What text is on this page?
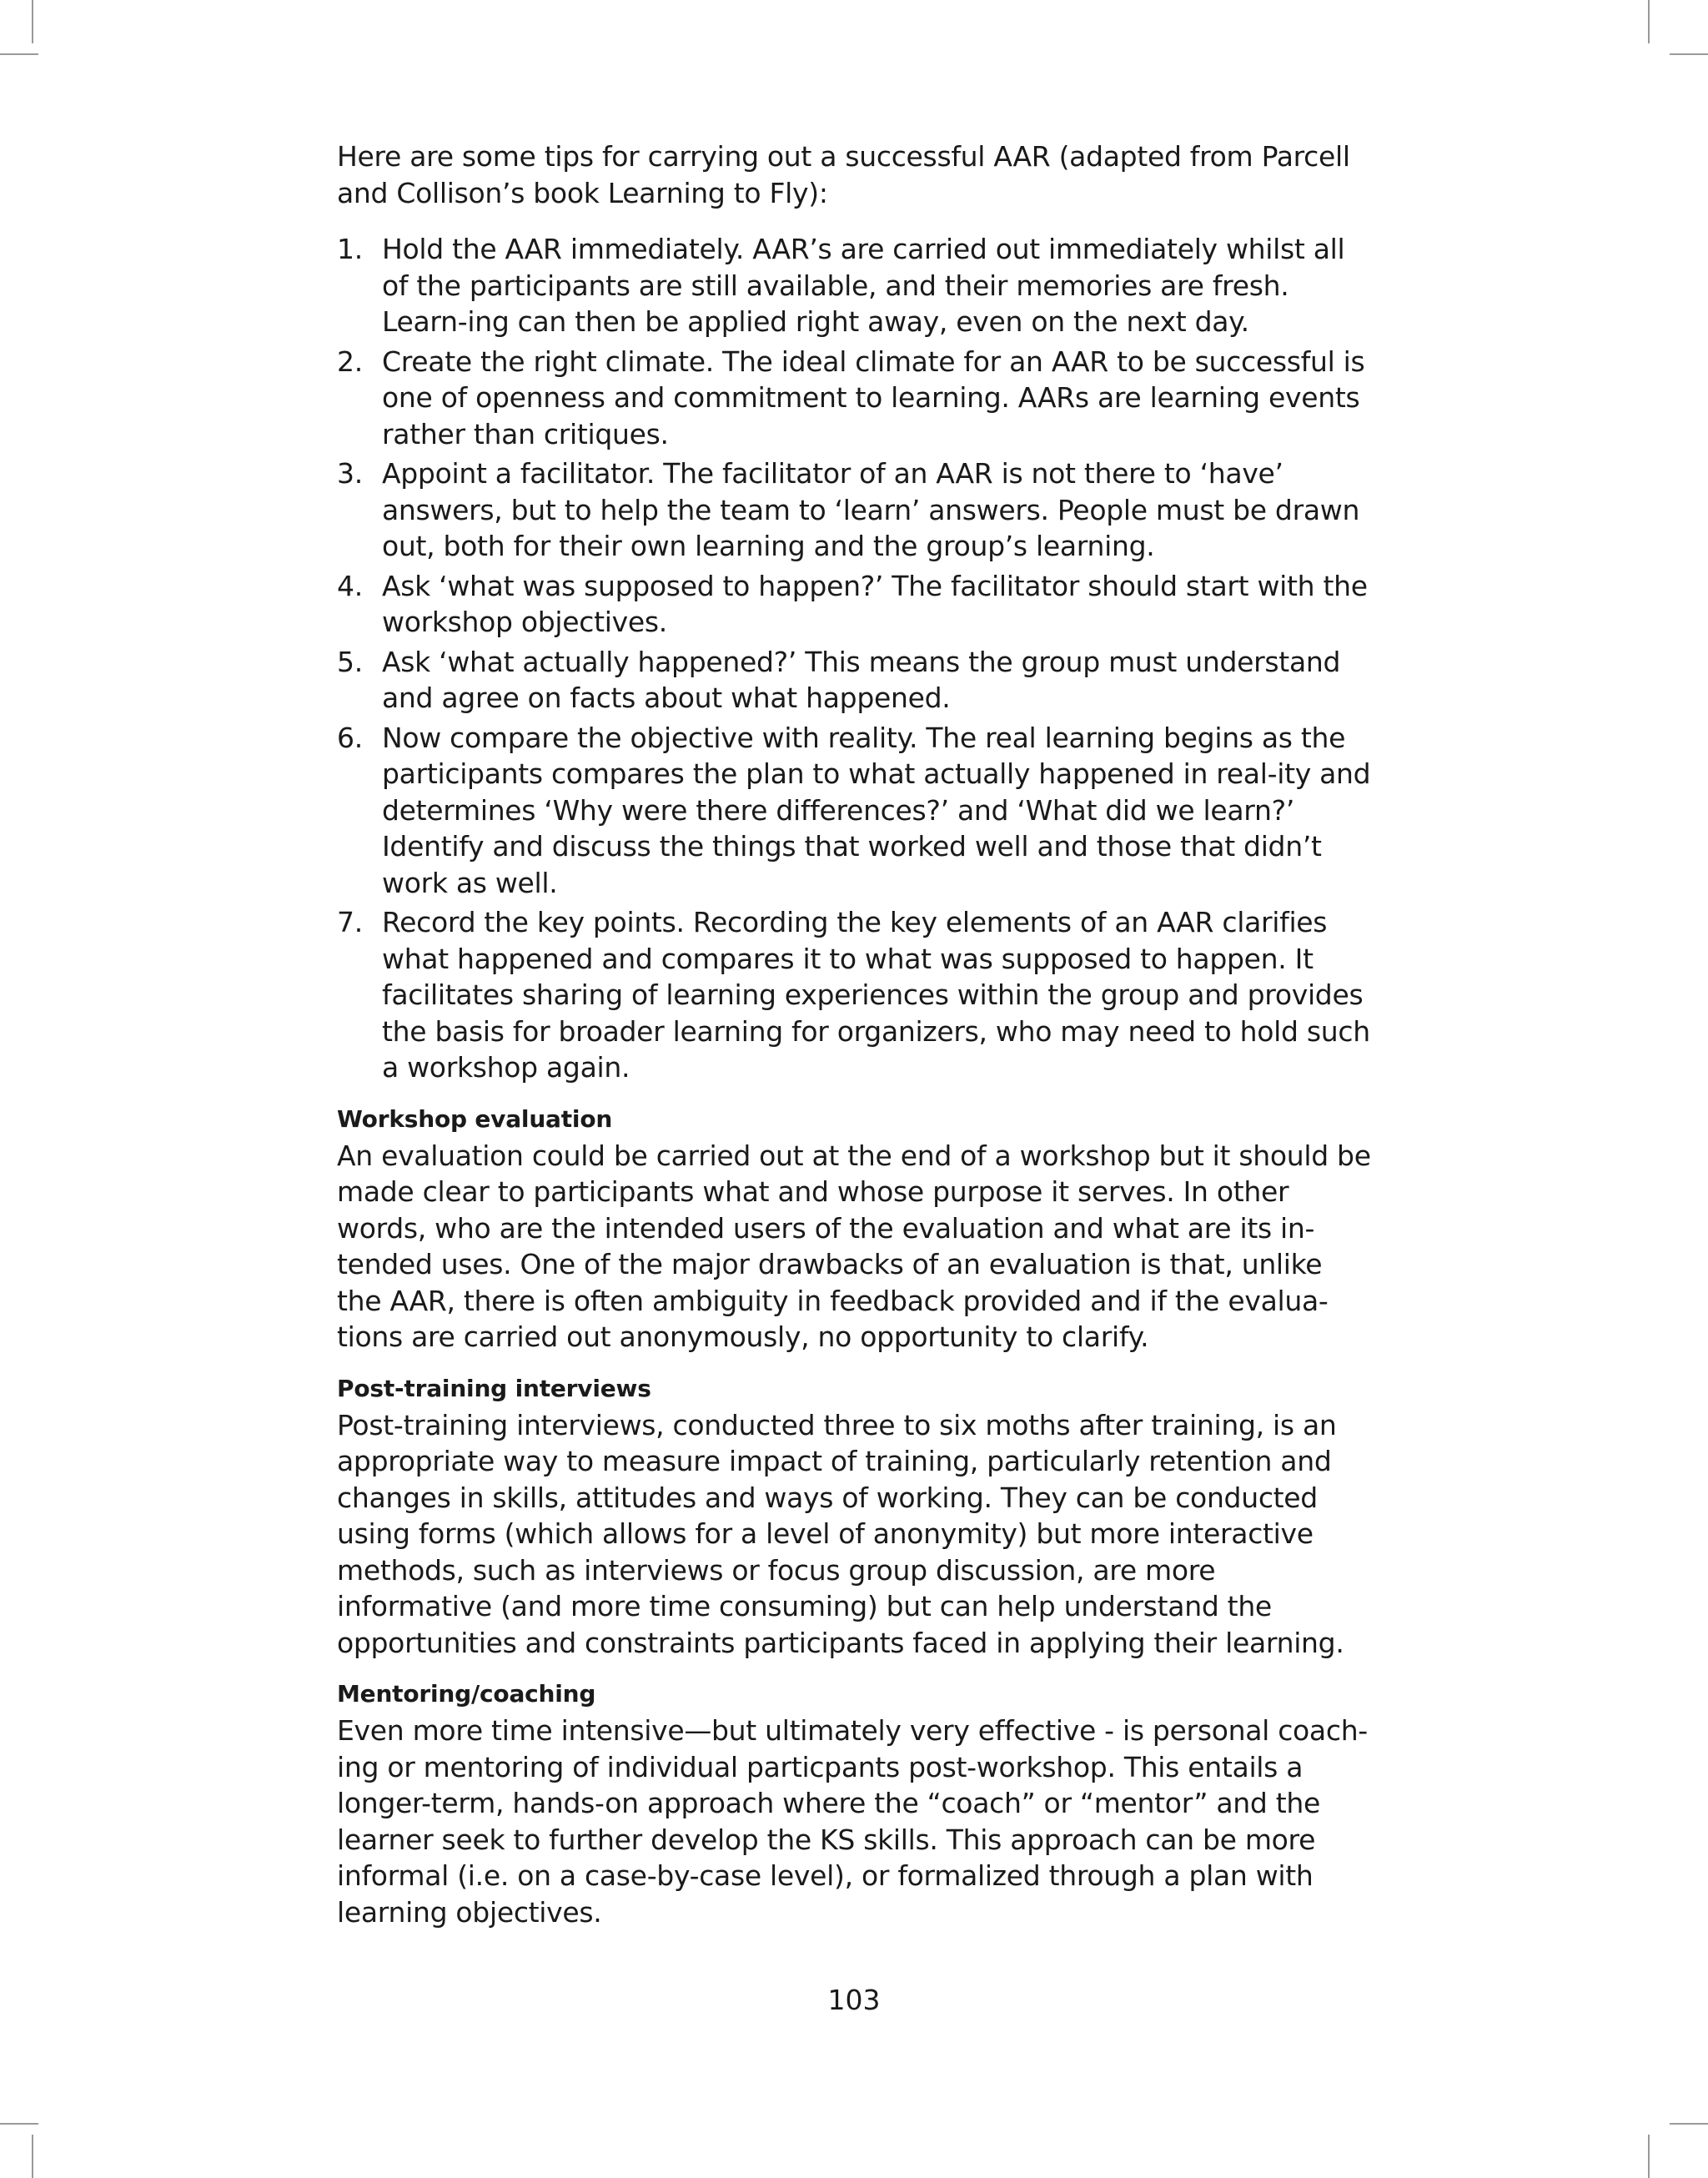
Here are some tips for carrying out a successful AAR (adapted from Parcell and Collison’s book Learning to Fly):

1. Hold the AAR immediately. AAR’s are carried out immediately whilst all of the participants are still available, and their memories are fresh. Learn-ing can then be applied right away, even on the next day.
2. Create the right climate. The ideal climate for an AAR to be successful is one of openness and commitment to learning. AARs are learning events rather than critiques.
3. Appoint a facilitator. The facilitator of an AAR is not there to ‘have’ answers, but to help the team to ‘learn’ answers. People must be drawn out, both for their own learning and the group’s learning.
4. Ask ‘what was supposed to happen?’ The facilitator should start with the workshop objectives.
5. Ask ‘what actually happened?’ This means the group must understand and agree on facts about what happened.
6. Now compare the objective with reality. The real learning begins as the participants compares the plan to what actually happened in real-ity and determines ‘Why were there differences?’ and ‘What did we learn?’ Identify and discuss the things that worked well and those that didn’t work as well.
7. Record the key points. Recording the key elements of an AAR clarifies what happened and compares it to what was supposed to happen. It facilitates sharing of learning experiences within the group and provides the basis for broader learning for organizers, who may need to hold such a workshop again.
Workshop evaluation

An evaluation could be carried out at the end of a workshop but it should be made clear to participants what and whose purpose it serves. In other words, who are the intended users of the evaluation and what are its in-tended uses. One of the major drawbacks of an evaluation is that, unlike the AAR, there is often ambiguity in feedback provided and if the evalua-tions are carried out anonymously, no opportunity to clarify.

Post-training interviews

Post-training interviews, conducted three to six moths after training, is an appropriate way to measure impact of training, particularly retention and changes in skills, attitudes and ways of working. They can be conducted using forms (which allows for a level of anonymity) but more interactive methods, such as interviews or focus group discussion, are more informative (and more time consuming) but can help understand the opportunities and constraints participants faced in applying their learning.

Mentoring/coaching

Even more time intensive—but ultimately very effective - is personal coach-ing or mentoring of individual particpants post-workshop. This entails a longer-term, hands-on approach where the “coach” or “mentor” and the learner seek to further develop the KS skills. This approach can be more informal (i.e. on a case-by-case level), or formalized through a plan with learning objectives.

103
